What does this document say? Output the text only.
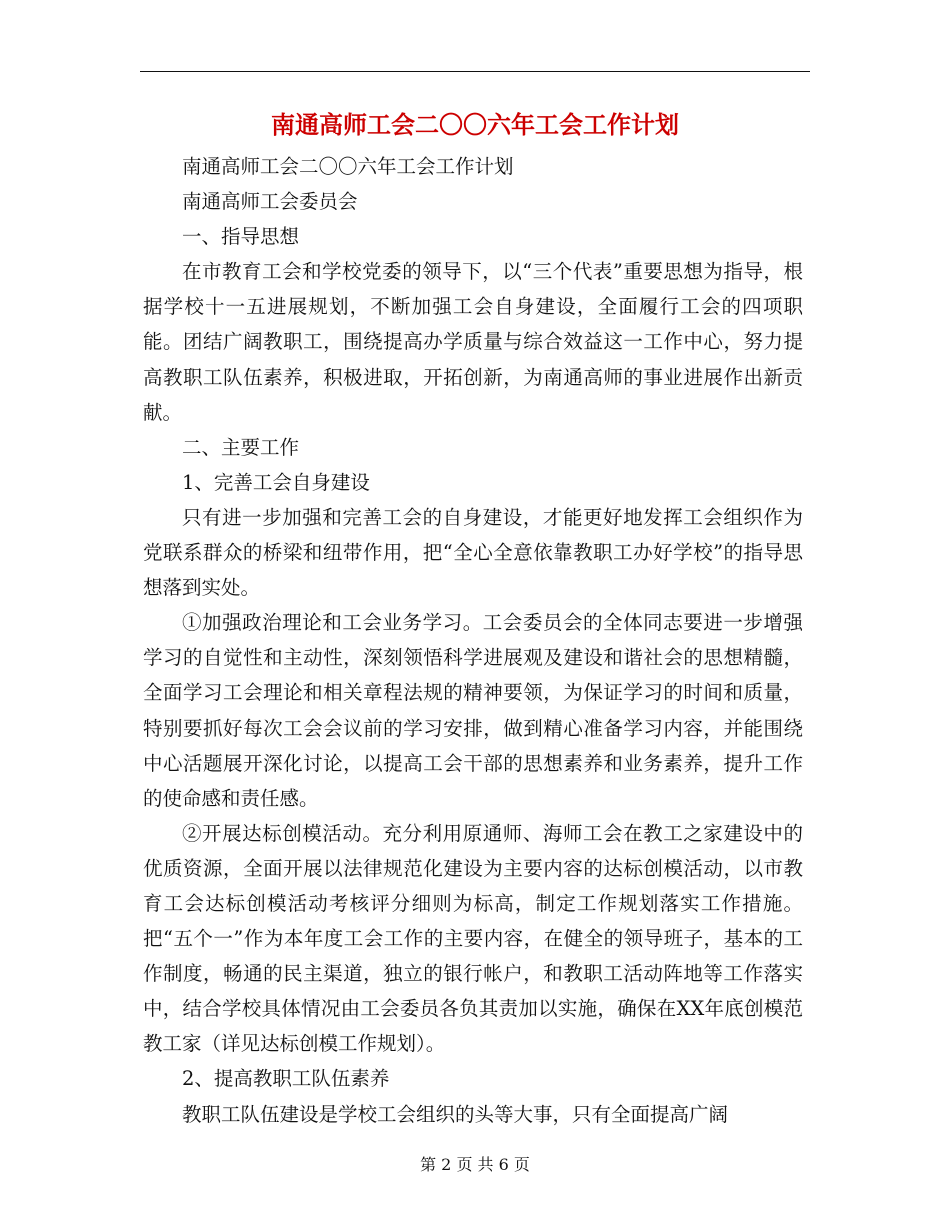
南通高师工会二〇〇六年工会工作计划

南通高师工会二〇〇六年工会工作计划

南通高师工会委员会

一、指导思想

在市教育工会和学校党委的领导下，以“三个代表”重要思想为指导，根据学校十一五进展规划，不断加强工会自身建设，全面履行工会的四项职能。团结广阔教职工，围绕提高办学质量与综合效益这一工作中心，努力提高教职工队伍素养，积极进取，开拓创新，为南通高师的事业进展作出新贡献。

二、主要工作

1、完善工会自身建设

只有进一步加强和完善工会的自身建设，才能更好地发挥工会组织作为党联系群众的桥梁和纽带作用，把“全心全意依靠教职工办好学校”的指导思想落到实处。

①加强政治理论和工会业务学习。工会委员会的全体同志要进一步增强学习的自觉性和主动性，深刻领悟科学进展观及建设和谐社会的思想精髓，全面学习工会理论和相关章程法规的精神要领，为保证学习的时间和质量，特别要抓好每次工会会议前的学习安排，做到精心准备学习内容，并能围绕中心活题展开深化讨论，以提高工会干部的思想素养和业务素养，提升工作的使命感和责任感。

②开展达标创模活动。充分利用原通师、海师工会在教工之家建设中的优质资源，全面开展以法律规范化建设为主要内容的达标创模活动，以市教育工会达标创模活动考核评分细则为标高，制定工作规划落实工作措施。把“五个一”作为本年度工会工作的主要内容，在健全的领导班子，基本的工作制度，畅通的民主渠道，独立的银行帐户，和教职工活动阵地等工作落实中，结合学校具体情况由工会委员各负其责加以实施，确保在XX年底创模范教工家（详见达标创模工作规划）。

2、提高教职工队伍素养

教职工队伍建设是学校工会组织的头等大事，只有全面提高广阔

第 2 页 共 6 页
